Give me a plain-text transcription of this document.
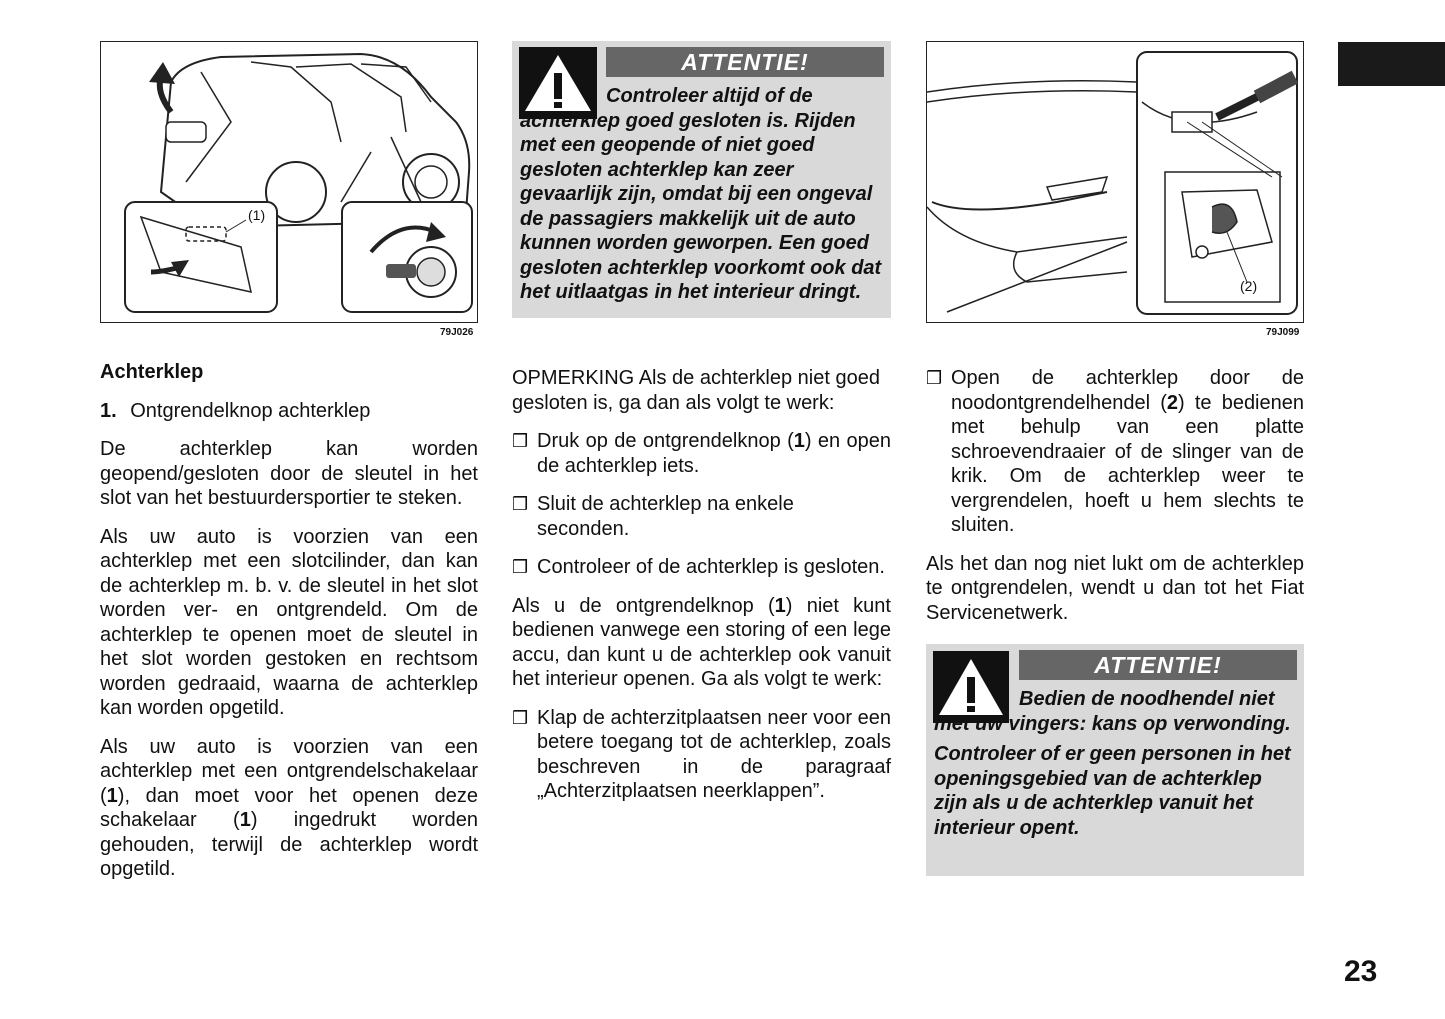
(1)
79J026
ATTENTIE!
Controleer altijd of de achterklep goed gesloten is. Rijden met een geopende of niet goed gesloten achterklep kan zeer gevaarlijk zijn, omdat bij een ongeval de passagiers makkelijk uit de auto kunnen worden geworpen. Een goed gesloten achterklep voorkomt ook dat het uitlaatgas in het interieur dringt.	(2)
79J099
Achterklep

1. Ontgrendelknop achterklep

De achterklep kan worden geopend/gesloten door de sleutel in het slot van het bestuurdersportier te steken.

Als uw auto is voorzien van een achterklep met een slotcilinder, dan kan de achterklep m. b. v. de sleutel in het slot worden ver- en ontgrendeld. Om de achterklep te openen moet de sleutel in het slot worden gestoken en rechtsom worden gedraaid, waarna de achterklep kan worden opgetild.

Als uw auto is voorzien van een achterklep met een ontgrendelschakelaar (1), dan moet voor het openen deze schakelaar (1) ingedrukt worden gehouden, terwijl de achterklep wordt opgetild.

OPMERKING Als de achterklep niet goed gesloten is, ga dan als volgt te werk:

❒ Druk op de ontgrendelknop (1) en open de achterklep iets.
❒ Sluit de achterklep na enkele seconden.
❒ Controleer of de achterklep is gesloten.

Als u de ontgrendelknop (1) niet kunt bedienen vanwege een storing of een lege accu, dan kunt u de achterklep ook vanuit het interieur openen. Ga als volgt te werk:

❒ Klap de achterzitplaatsen neer voor een betere toegang tot de achterklep, zoals beschreven in de paragraaf „Achterzitplaatsen neerklappen”.
❒ Open de achterklep door de noodontgrendelhendel (2) te bedienen met behulp van een platte schroevendraaier of de slinger van de krik. Om de achterklep weer te vergrendelen, hoeft u hem slechts te sluiten.

Als het dan nog niet lukt om de achterklep te ontgrendelen, wendt u dan tot het Fiat Servicenetwerk.

ATTENTIE!
Bedien de noodhendel niet met uw vingers: kans op verwonding.
Controleer of er geen personen in het openingsgebied van de achterklep zijn als u de achterklep vanuit het interieur opent.
23
